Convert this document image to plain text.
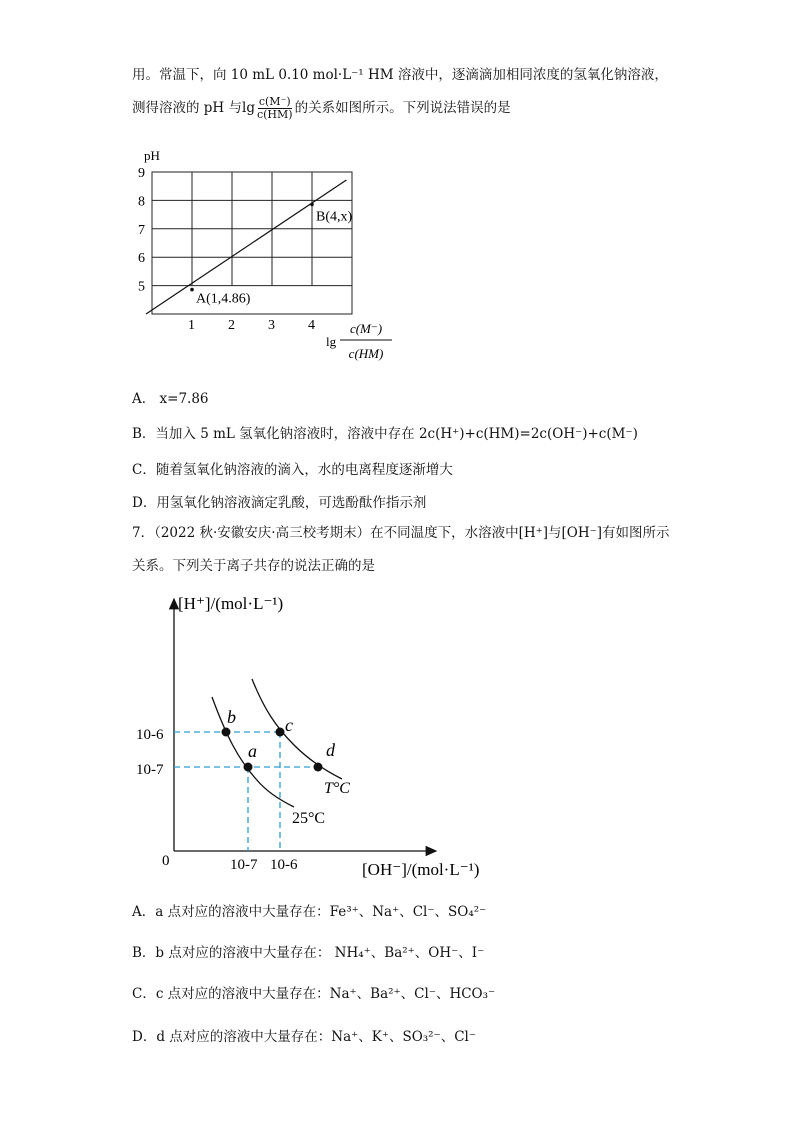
用。常温下，向 10 mL 0.10 mol·L⁻¹ HM 溶液中，逐滴滴加相同浓度的氢氧化钠溶液，
测得溶液的 pH 与$\lg \frac{c(M^-)}{c(HM)}$ 的关系如图所示。下列说法错误的是
pH
5
6
7
8
9
1 2 3 4
A(1,4.86)
B(4,x)
lg
c(M⁻)
c(HM)
A． x=7.86
B．当加入 5 mL 氢氧化钠溶液时，溶液中存在 2c(H⁺)+c(HM)=2c(OH⁻)+c(M⁻)
C．随着氢氧化钠溶液的滴入，水的电离程度逐渐增大
D．用氢氧化钠溶液滴定乳酸，可选酚酞作指示剂
7．（2022 秋·安徽安庆·高三校考期末）在不同温度下，水溶液中[H⁺]与[OH⁻]有如图所示
关系。下列关于离子共存的说法正确的是
[H⁺]/(mol·L⁻¹)
[OH⁻]/(mol·L⁻¹)
0
a
b	c
d
25°C
T°C
10-6
10-7
10-7 10-6
A．a 点对应的溶液中大量存在：Fe³⁺、Na⁺、Cl⁻、SO₄²⁻
B．b 点对应的溶液中大量存在： NH₄⁺、Ba²⁺、OH⁻、I⁻
C．c 点对应的溶液中大量存在：Na⁺、Ba²⁺、Cl⁻、HCO₃⁻
D．d 点对应的溶液中大量存在：Na⁺、K⁺、SO₃²⁻、Cl⁻
